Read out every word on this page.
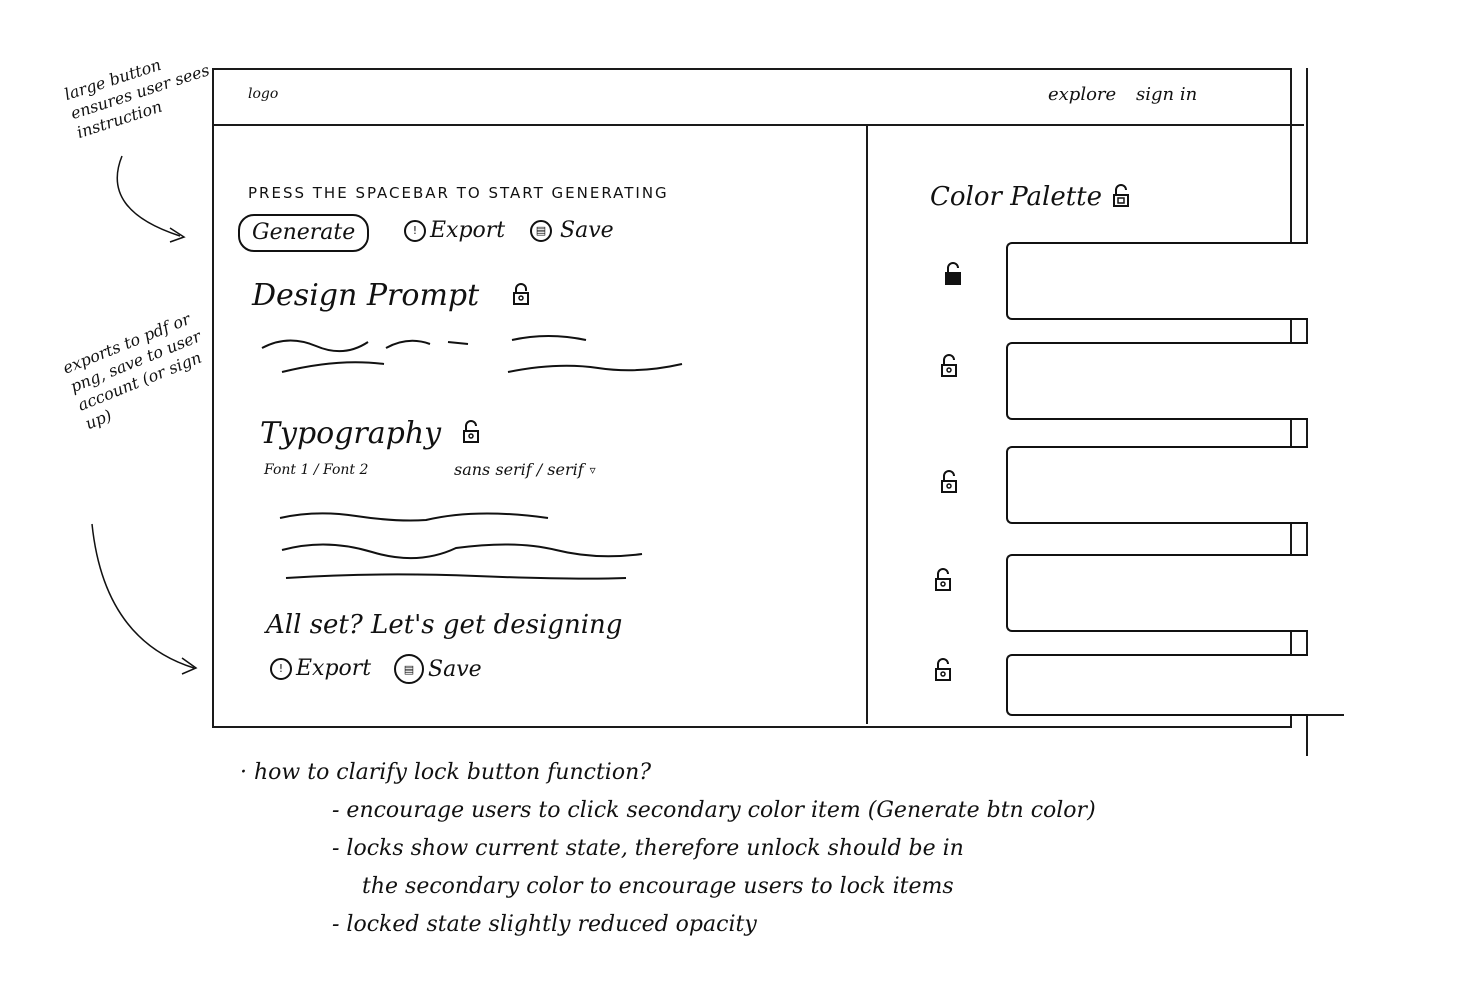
logo	explore sign in
PRESS THE SPACEBAR TO START GENERATING
Generate	! Export	▤ Save
Design Prompt
Typography
Font 1 / Font 2	sans serif / serif ▿
All set? Let's get designing
! Export	▤ Save
Color Palette
large button ensures user sees instruction
exports to pdf or png, save to user account (or sign up)
· how to clarify lock button function?
- encourage users to click secondary color item (Generate btn color)
- locks show current state, therefore unlock should be in
the secondary color to encourage users to lock items
- locked state slightly reduced opacity
